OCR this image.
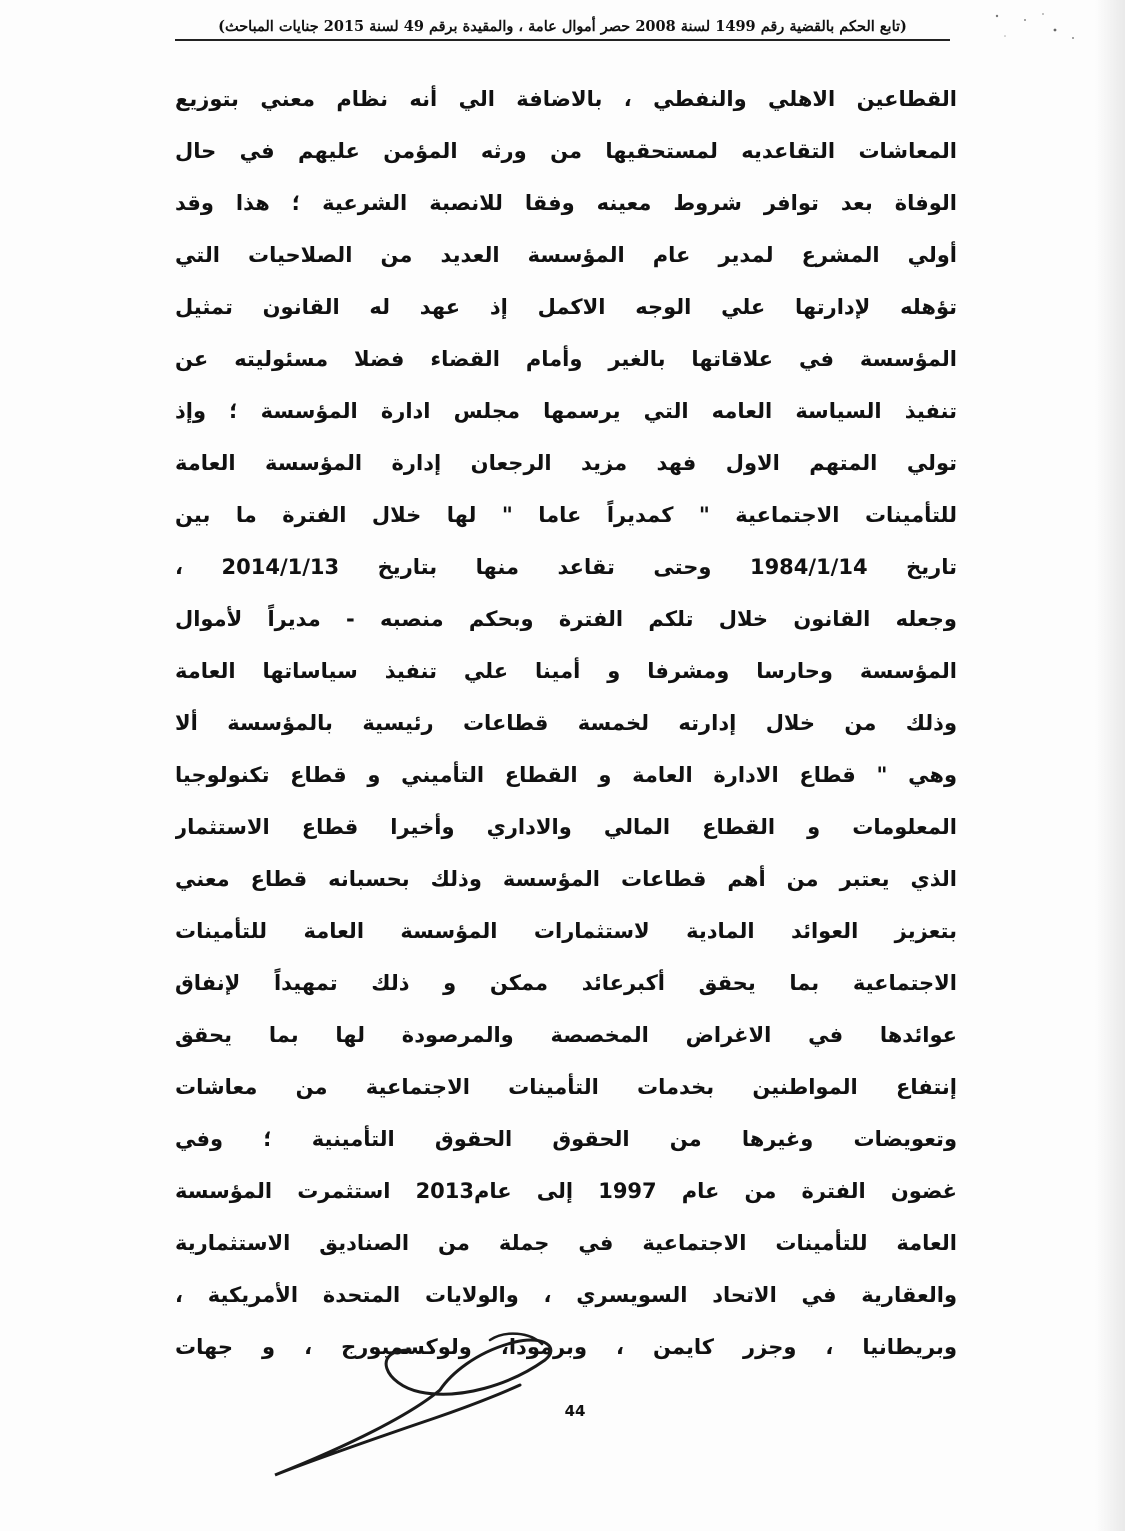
(تابع الحكم بالقضية رقم 1499 لسنة 2008 حصر أموال عامة ، والمقيدة برقم 49 لسنة 2015 جنايات المباحث)
القطاعين الاهلي والنفطي ، بالاضافة الي أنه نظام معني بتوزيع
المعاشات التقاعديه لمستحقيها من ورثه المؤمن عليهم في حال
الوفاة بعد توافر شروط معينه وفقا للانصبة الشرعية ؛ هذا وقد
أولي المشرع لمدير عام المؤسسة العديد من الصلاحيات التي
تؤهله لإدارتها علي الوجه الاكمل إذ عهد له القانون تمثيل
المؤسسة في علاقاتها بالغير وأمام القضاء فضلا مسئوليته عن
تنفيذ السياسة العامه التي يرسمها مجلس ادارة المؤسسة ؛ وإذ
تولي المتهم الاول فهد مزيد الرجعان إدارة المؤسسة العامة
للتأمينات الاجتماعية " كمديراً عاما " لها خلال الفترة ما بين
تاريخ 1984/1/14 وحتى تقاعد منها بتاريخ 2014/1/13 ،
وجعله القانون خلال تلكم الفترة وبحكم منصبه - مديراً لأموال
المؤسسة وحارسا ومشرفا و أمينا علي تنفيذ سياساتها العامة
وذلك من خلال إدارته لخمسة قطاعات رئيسية بالمؤسسة ألا
وهي " قطاع الادارة العامة و القطاع التأميني و قطاع تكنولوجيا
المعلومات و القطاع المالي والاداري وأخيرا قطاع الاستثمار
الذي يعتبر من أهم قطاعات المؤسسة وذلك بحسبانه قطاع معني
بتعزيز العوائد المادية لاستثمارات المؤسسة العامة للتأمينات
الاجتماعية بما يحقق أكبرعائد ممكن و ذلك تمهيداً لإنفاق
عوائدها في الاغراض المخصصة والمرصودة لها بما يحقق
إنتفاع المواطنين بخدمات التأمينات الاجتماعية من معاشات
وتعويضات وغيرها من الحقوق الحقوق التأمينية ؛ وفي
غضون الفترة من عام 1997 إلى عام2013 استثمرت المؤسسة
العامة للتأمينات الاجتماعية في جملة من الصناديق الاستثمارية
والعقارية في الاتحاد السويسري ، والولايات المتحدة الأمريكية ،
وبريطانيا ، وجزر كايمن ، وبرمودا، ولوكسمبورج ، و جهات
44
